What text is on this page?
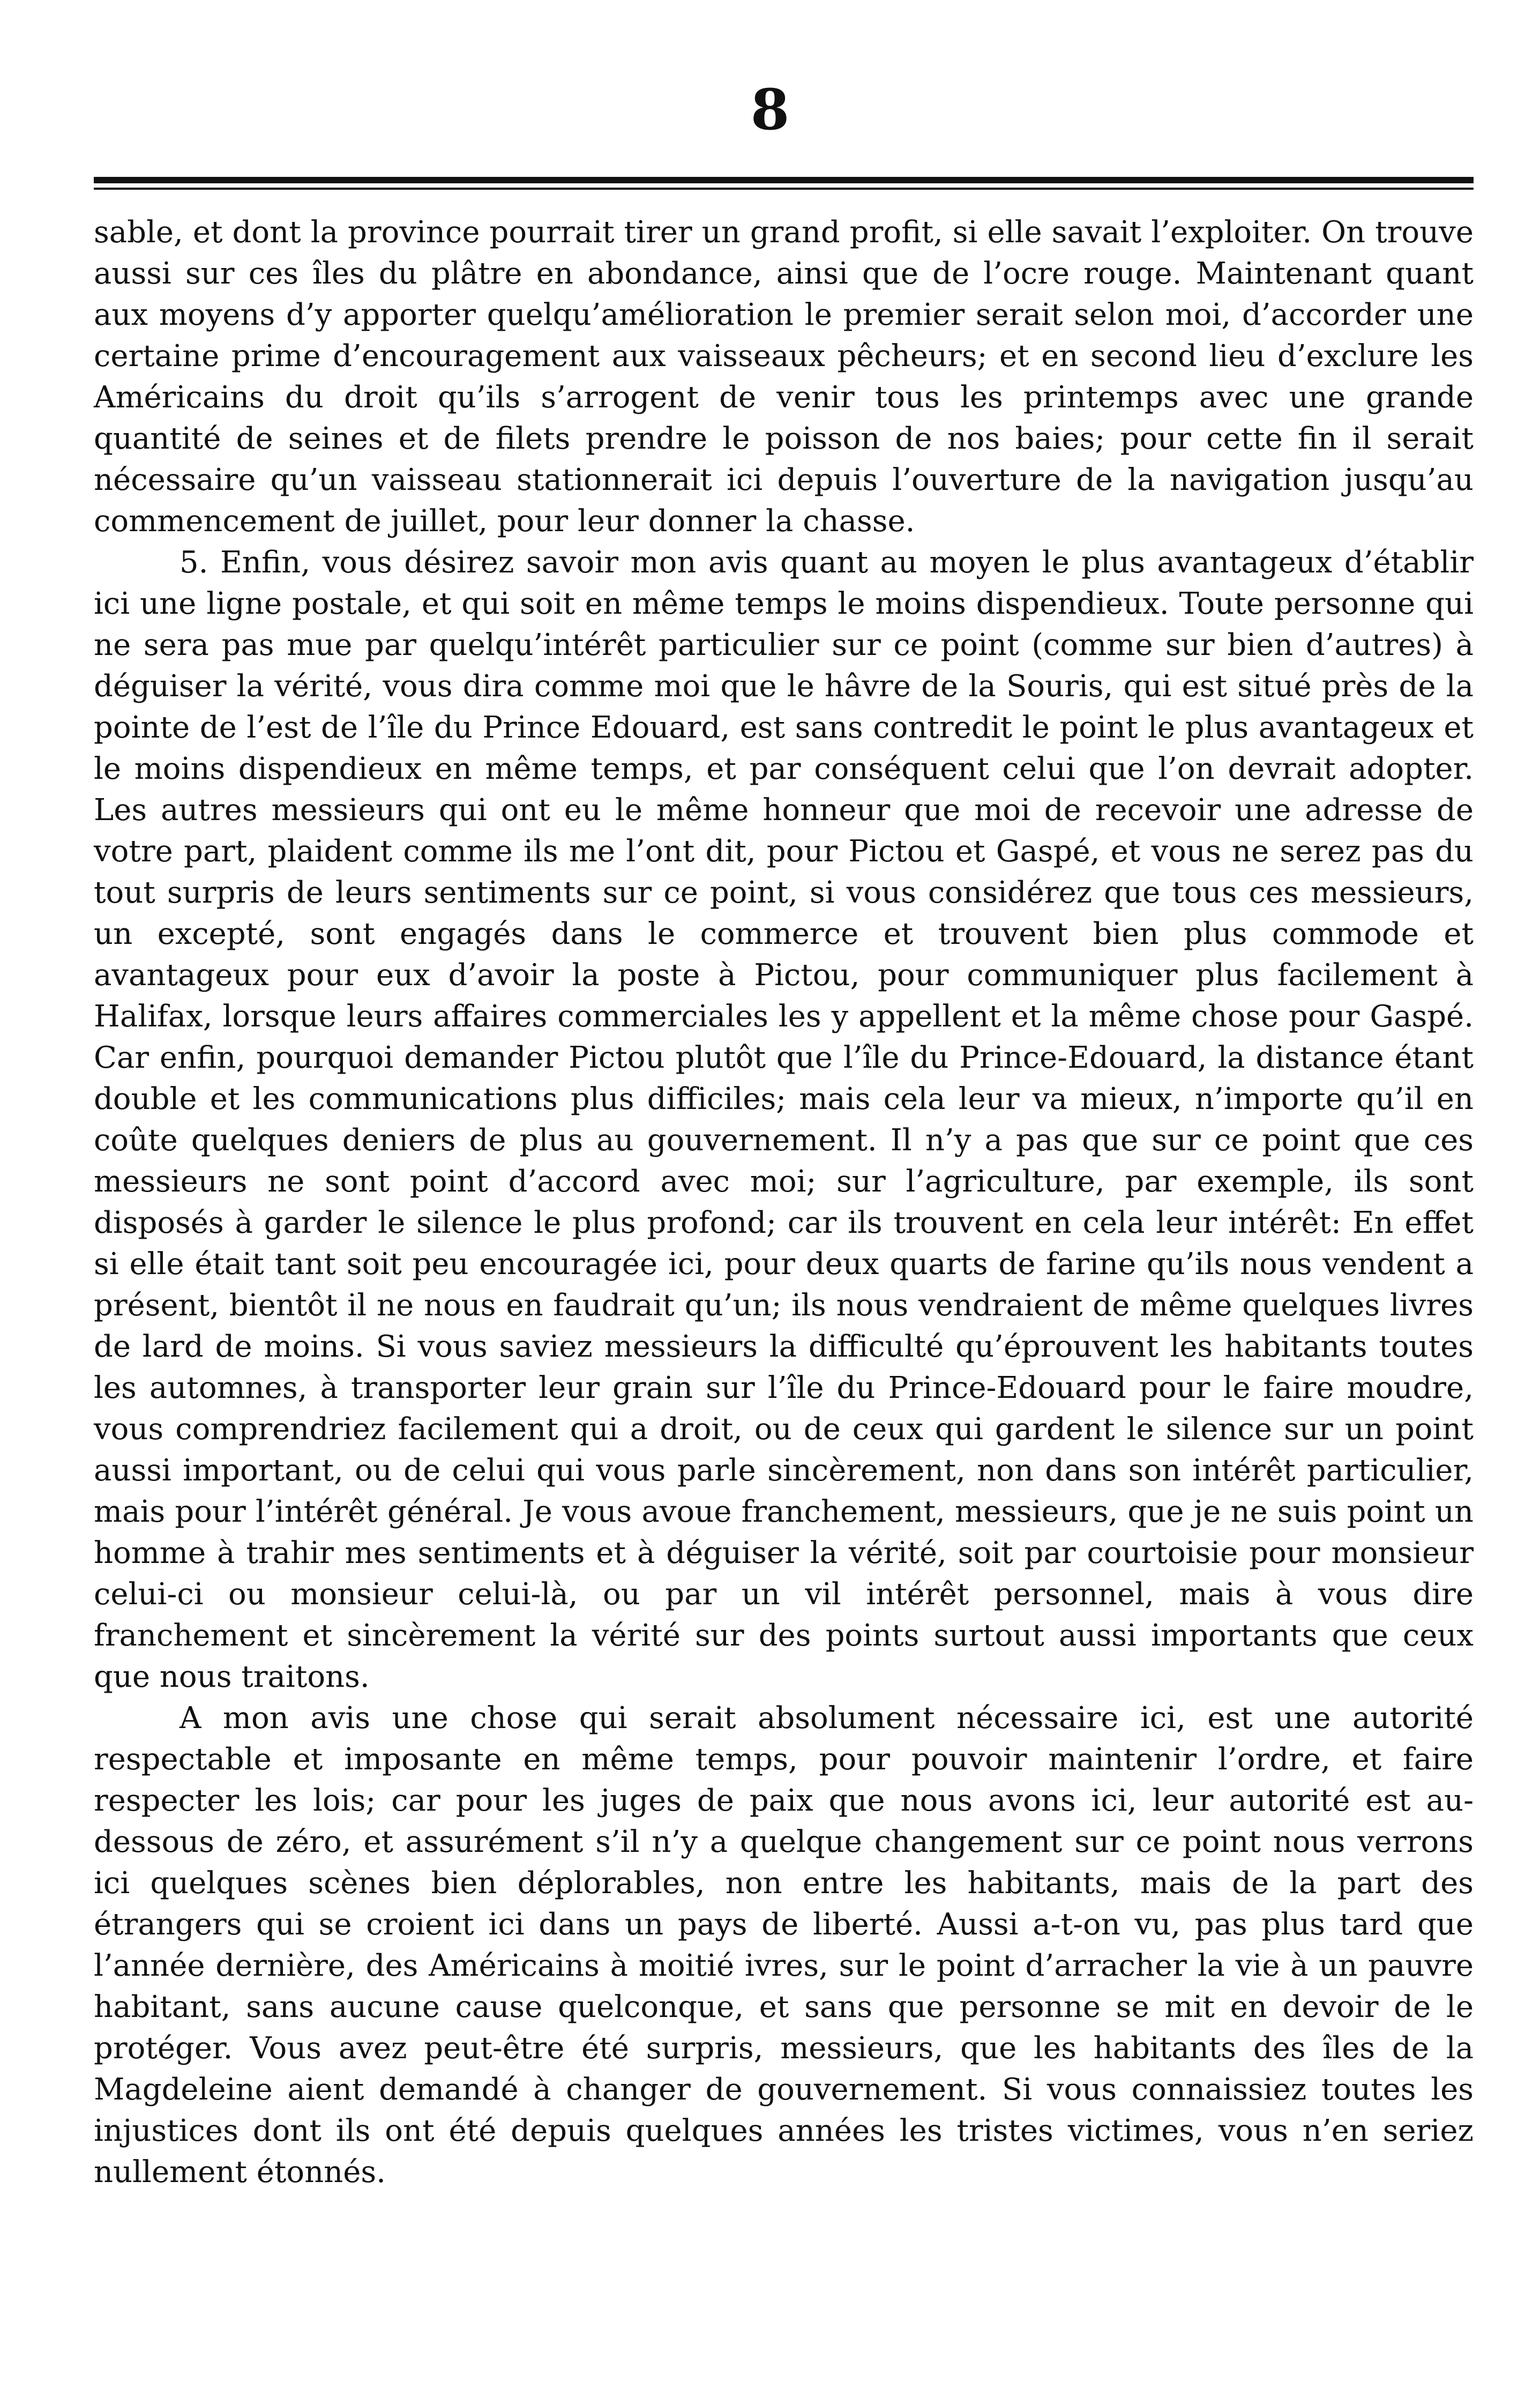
8

sable, et dont la province pourrait tirer un grand profit, si elle savait l’exploiter. On trouve aussi sur ces îles du plâtre en abondance, ainsi que de l’ocre rouge. Maintenant quant aux moyens d’y apporter quelqu’amélioration le premier serait selon moi, d’accorder une certaine prime d’encouragement aux vaisseaux pêcheurs; et en second lieu d’exclure les Américains du droit qu’ils s’arrogent de venir tous les printemps avec une grande quantité de seines et de filets prendre le poisson de nos baies; pour cette fin il serait nécessaire qu’un vaisseau stationnerait ici depuis l’ouverture de la navigation jusqu’au commencement de juillet, pour leur donner la chasse.

5. Enfin, vous désirez savoir mon avis quant au moyen le plus avantageux d’établir ici une ligne postale, et qui soit en même temps le moins dispendieux. Toute personne qui ne sera pas mue par quelqu’intérêt particulier sur ce point (comme sur bien d’autres) à déguiser la vérité, vous dira comme moi que le hâvre de la Souris, qui est situé près de la pointe de l’est de l’île du Prince Edouard, est sans contredit le point le plus avantageux et le moins dispendieux en même temps, et par conséquent celui que l’on devrait adopter. Les autres messieurs qui ont eu le même honneur que moi de recevoir une adresse de votre part, plaident comme ils me l’ont dit, pour Pictou et Gaspé, et vous ne serez pas du tout surpris de leurs sentiments sur ce point, si vous considérez que tous ces messieurs, un excepté, sont engagés dans le commerce et trouvent bien plus commode et avantageux pour eux d’avoir la poste à Pictou, pour communiquer plus facilement à Halifax, lorsque leurs affaires commerciales les y appellent et la même chose pour Gaspé. Car enfin, pourquoi demander Pictou plutôt que l’île du Prince-Edouard, la distance étant double et les communications plus difficiles; mais cela leur va mieux, n’importe qu’il en coûte quelques deniers de plus au gouvernement. Il n’y a pas que sur ce point que ces messieurs ne sont point d’accord avec moi; sur l’agriculture, par exemple, ils sont disposés à garder le silence le plus profond; car ils trouvent en cela leur intérêt: En effet si elle était tant soit peu encouragée ici, pour deux quarts de farine qu’ils nous vendent a présent, bientôt il ne nous en faudrait qu’un; ils nous vendraient de même quelques livres de lard de moins. Si vous saviez messieurs la difficulté qu’éprouvent les habitants toutes les automnes, à transporter leur grain sur l’île du Prince-Edouard pour le faire moudre, vous comprendriez facilement qui a droit, ou de ceux qui gardent le silence sur un point aussi important, ou de celui qui vous parle sincèrement, non dans son intérêt particulier, mais pour l’intérêt général. Je vous avoue franchement, messieurs, que je ne suis point un homme à trahir mes sentiments et à déguiser la vérité, soit par courtoisie pour monsieur celui-ci ou monsieur celui-là, ou par un vil intérêt personnel, mais à vous dire franchement et sincèrement la vérité sur des points surtout aussi importants que ceux que nous traitons.

A mon avis une chose qui serait absolument nécessaire ici, est une autorité respectable et imposante en même temps, pour pouvoir maintenir l’ordre, et faire respecter les lois; car pour les juges de paix que nous avons ici, leur autorité est au-dessous de zéro, et assurément s’il n’y a quelque changement sur ce point nous verrons ici quelques scènes bien déplorables, non entre les habitants, mais de la part des étrangers qui se croient ici dans un pays de liberté. Aussi a-t-on vu, pas plus tard que l’année dernière, des Américains à moitié ivres, sur le point d’arracher la vie à un pauvre habitant, sans aucune cause quelconque, et sans que personne se mit en devoir de le protéger. Vous avez peut-être été surpris, messieurs, que les habitants des îles de la Magdeleine aient demandé à changer de gouvernement. Si vous connaissiez toutes les injustices dont ils ont été depuis quelques années les tristes victimes, vous n’en seriez nullement étonnés.
